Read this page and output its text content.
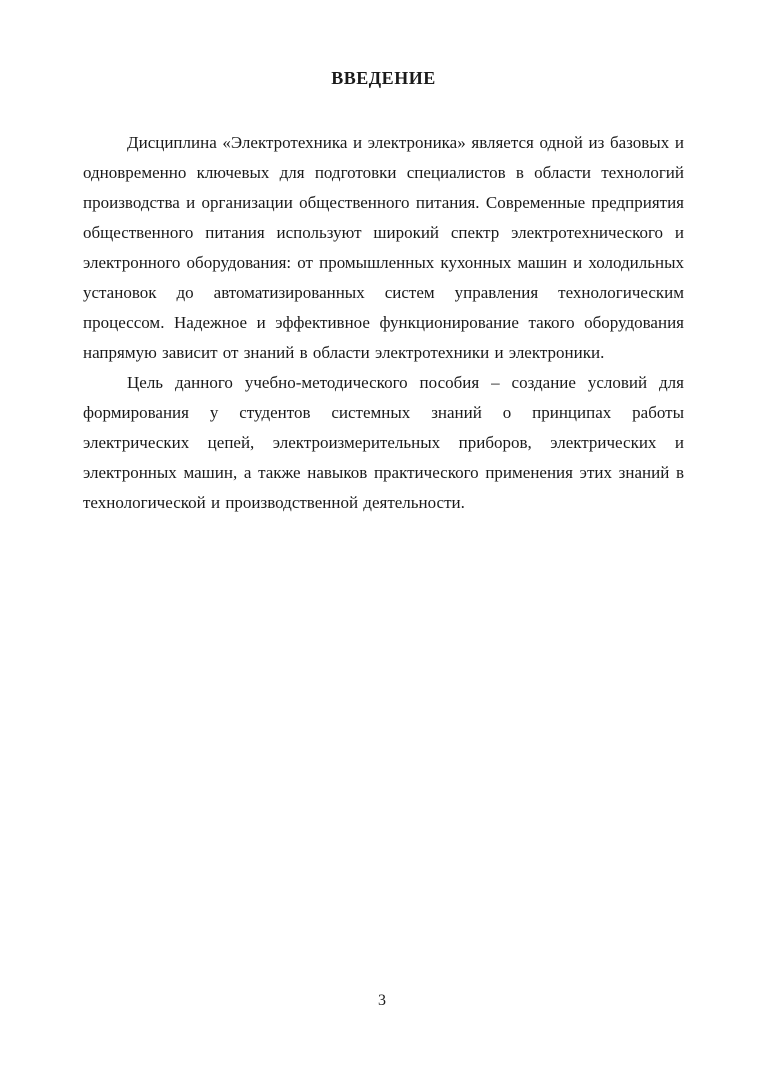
ВВЕДЕНИЕ

Дисциплина «Электротехника и электроника» является одной из базовых и одновременно ключевых для подготовки специалистов в области технологий производства и организации общественного питания. Современные предприятия общественного питания используют широкий спектр электротехнического и электронного оборудования: от промышленных кухонных машин и холодильных установок до автоматизированных систем управления технологическим процессом. Надежное и эффективное функционирование такого оборудования напрямую зависит от знаний в области электротехники и электроники.

Цель данного учебно-методического пособия – создание условий для формирования у студентов системных знаний о принципах работы электрических цепей, электроизмерительных приборов, электрических и электронных машин, а также навыков практического применения этих знаний в технологической и производственной деятельности.

3
